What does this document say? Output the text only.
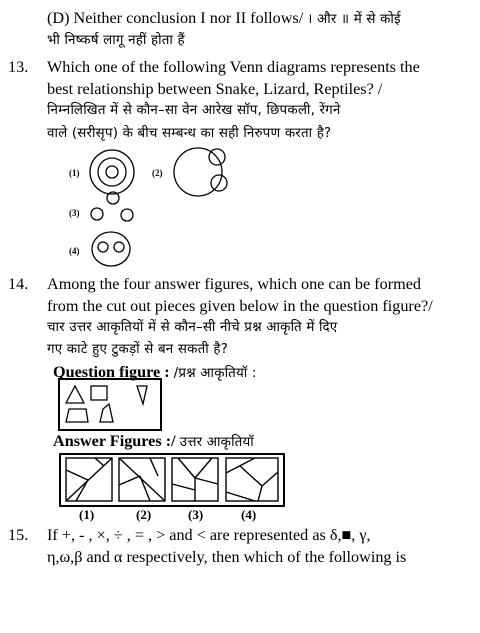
(D) Neither conclusion I nor II follows/ । और ॥ में से कोई
भी निष्कर्ष लागू नहीं होता हैं
13. Which one of the following Venn diagrams represents the
best relationship between Snake, Lizard, Reptiles? /
निम्नलिखित में से कौन–सा वेन आरेख सॉप, छिपकली, रेंगने
वाले (सरीसृप) के बीच सम्बन्ध का सही निरुपण करता है?
(1)	(2)
(3)
(4)
14. Among the four answer figures, which one can be formed
from the cut out pieces given below in the question figure?/
चार उत्तर आकृतियों में से कौन–सी नीचे प्रश्न आकृति में दिए
गए काटे हुए टुकड़ों से बन सकती है?
Question figure : /प्रश्न आकृतियॉ :
Answer Figures :/ उत्तर आकृतियॉ
(1)	(2)	(3)	(4)
15. If +, - , ×, ÷ , = , > and < are represented as δ,■, γ,
η,ω,β and α respectively, then which of the following is
